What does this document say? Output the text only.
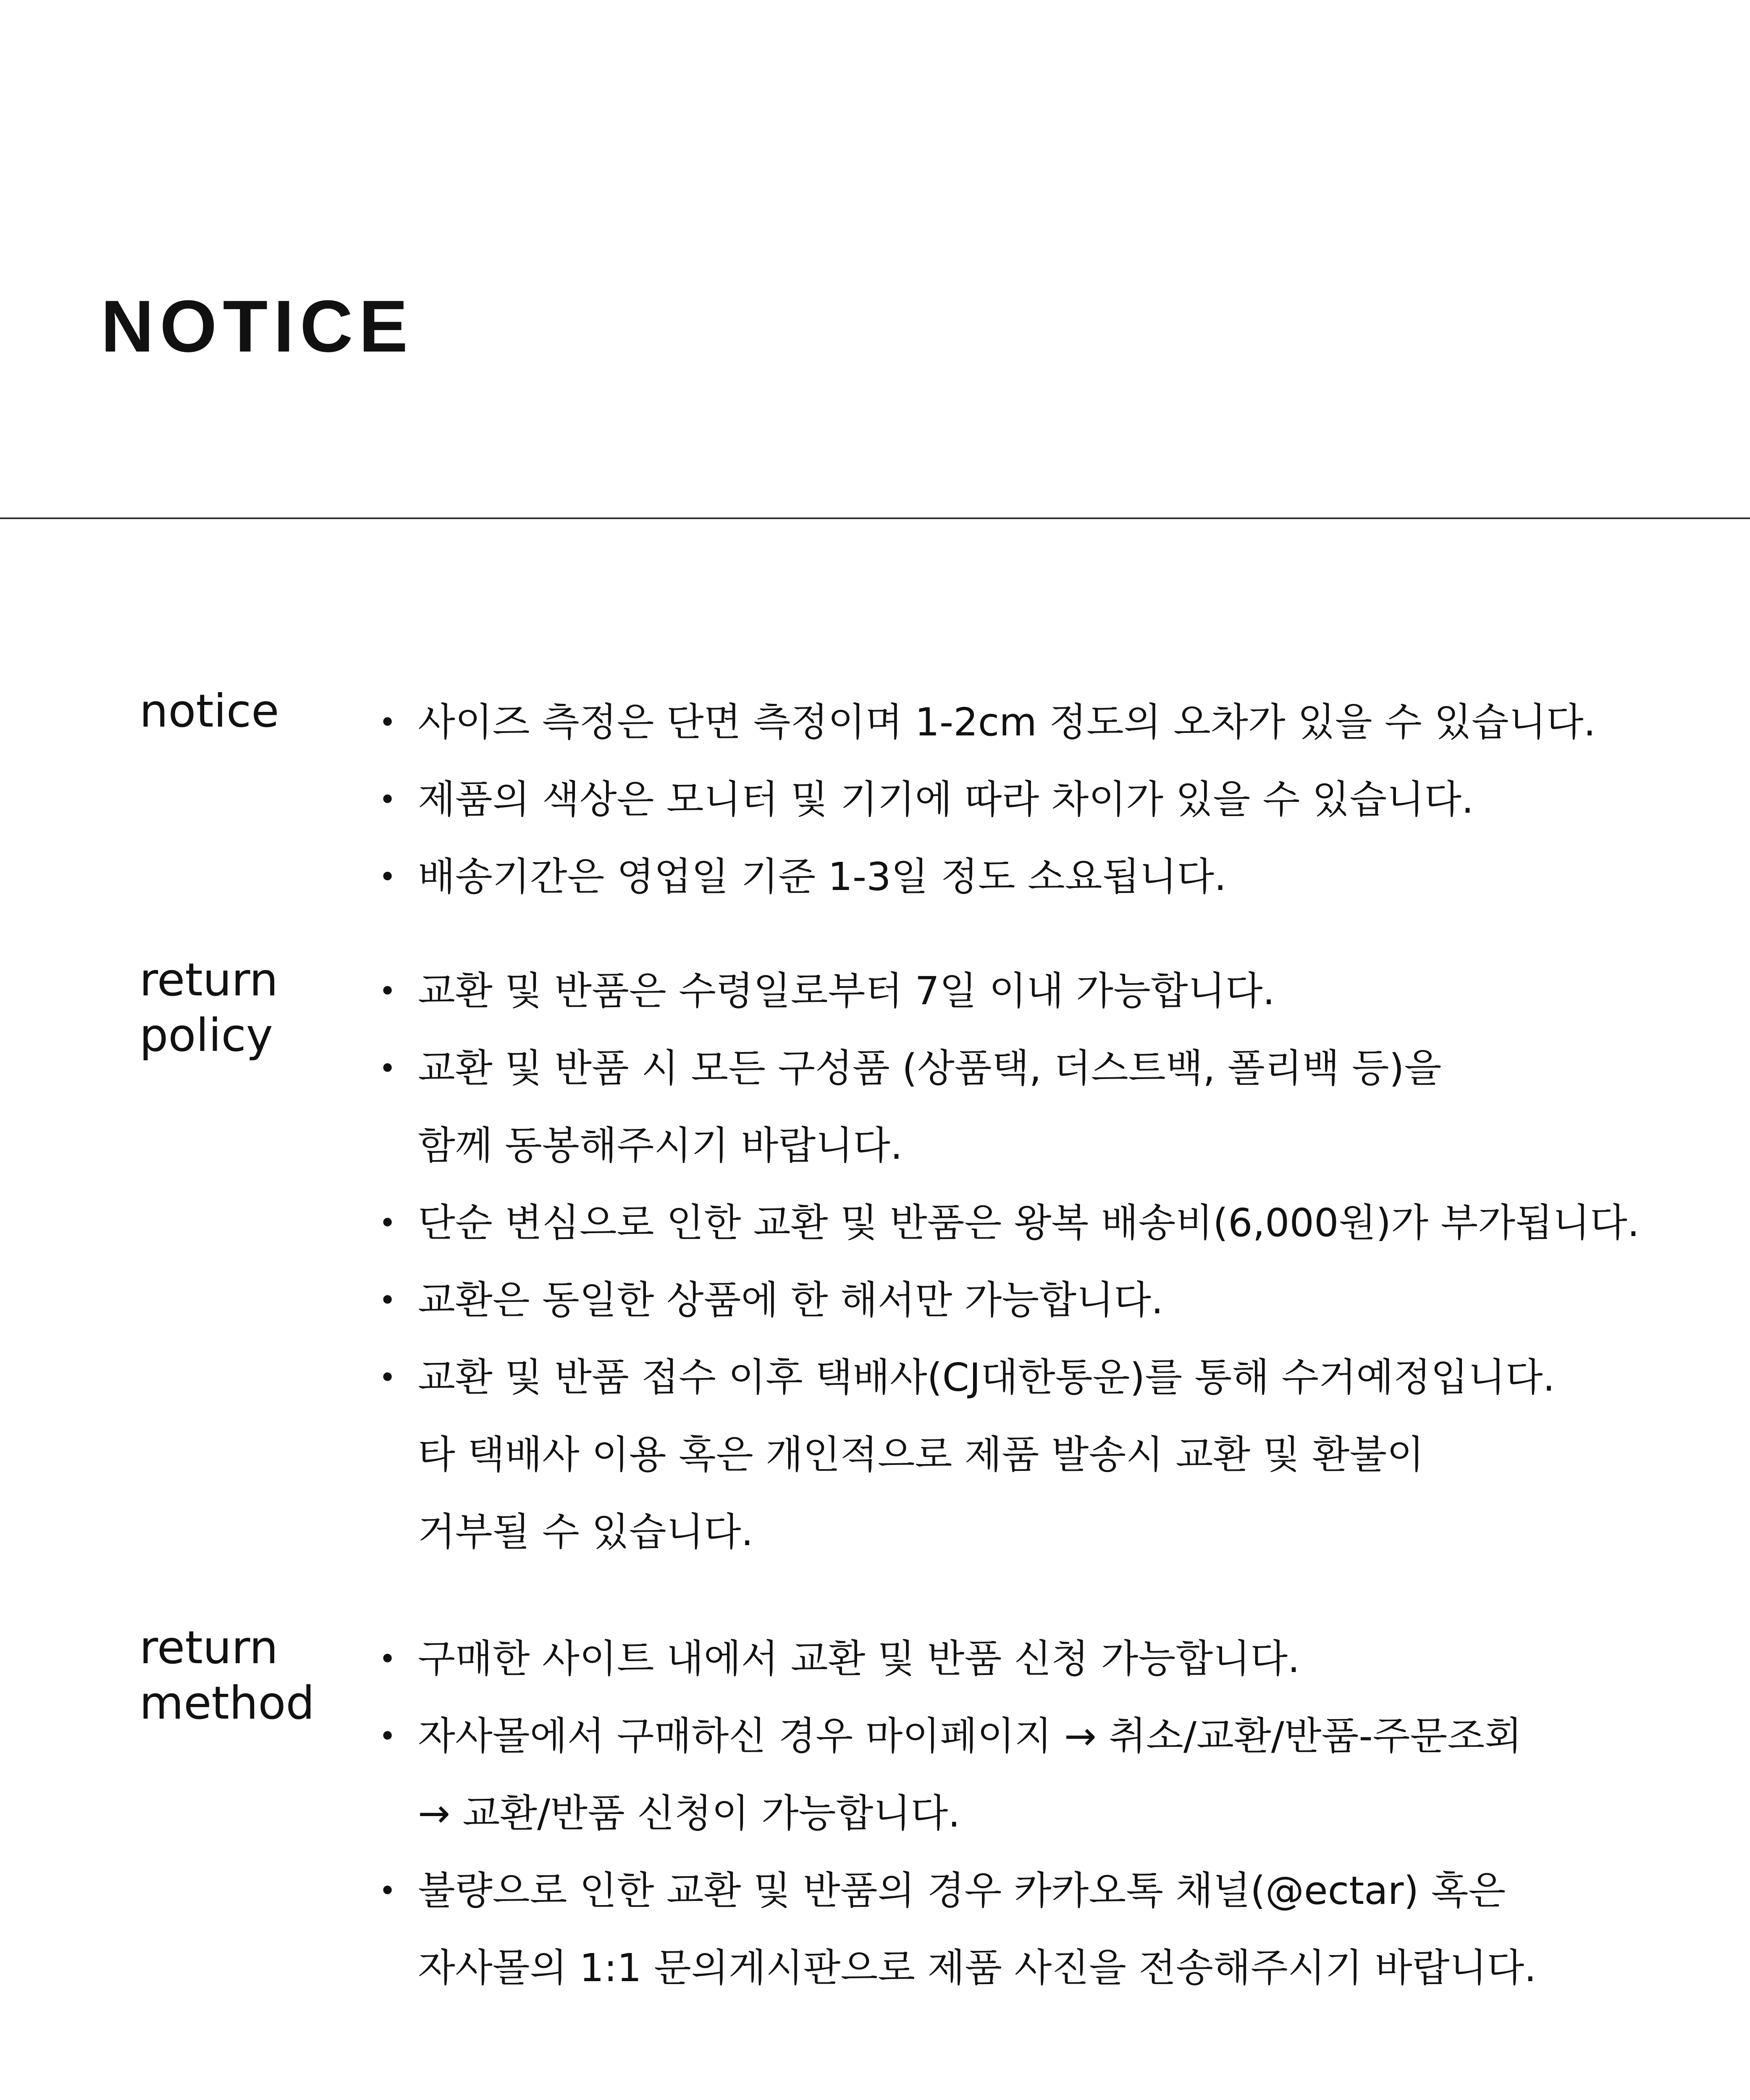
NOTICE
notice	• 사이즈 측정은 단면 측정이며 1-2cm 정도의 오차가 있을 수 있습니다.
• 제품의 색상은 모니터 및 기기에 따라 차이가 있을 수 있습니다.
• 배송기간은 영업일 기준 1-3일 정도 소요됩니다.
return
policy
• 교환 및 반품은 수령일로부터 7일 이내 가능합니다.
• 교환 및 반품 시 모든 구성품 (상품택, 더스트백, 폴리백 등)을
함께 동봉해주시기 바랍니다.
• 단순 변심으로 인한 교환 및 반품은 왕복 배송비(6,000원)가 부가됩니다.
• 교환은 동일한 상품에 한 해서만 가능합니다.
• 교환 및 반품 접수 이후 택배사(CJ대한통운)를 통해 수거예정입니다.
타 택배사 이용 혹은 개인적으로 제품 발송시 교환 및 환불이
거부될 수 있습니다.
return
method
• 구매한 사이트 내에서 교환 및 반품 신청 가능합니다.
• 자사몰에서 구매하신 경우 마이페이지 → 취소/교환/반품-주문조회
→ 교환/반품 신청이 가능합니다.
• 불량으로 인한 교환 및 반품의 경우 카카오톡 채널(@ectar) 혹은
자사몰의 1:1 문의게시판으로 제품 사진을 전송해주시기 바랍니다.
